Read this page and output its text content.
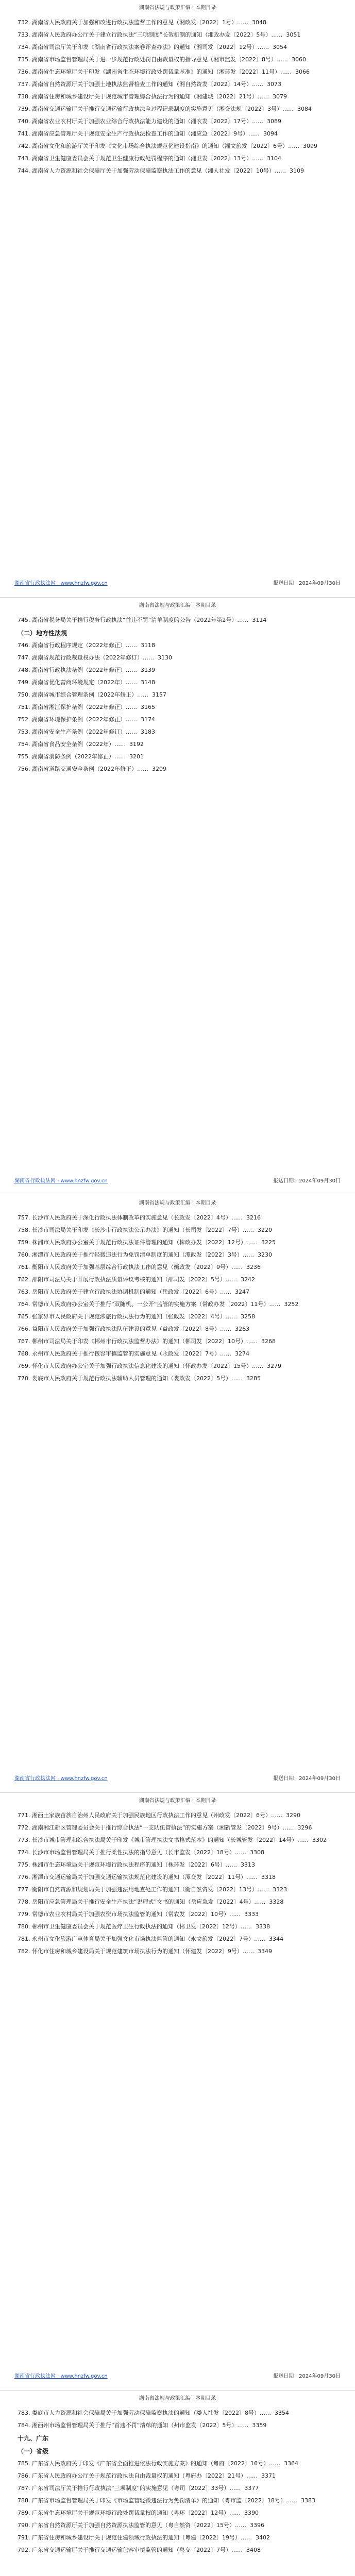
湖南省法规与政策汇编 · 本期目录
732. 湖南省人民政府关于加强和改进行政执法监督工作的意见（湘政发〔2022〕1号）……  3048
733. 湖南省人民政府办公厅关于建立行政执法“三项制度”长效机制的通知（湘政办发〔2022〕5号）……  3051
734. 湖南省司法厅关于印发《湖南省行政执法案卷评查办法》的通知（湘司发〔2022〕12号）……  3054
735. 湖南省市场监督管理局关于进一步规范行政处罚自由裁量权的指导意见（湘市监发〔2022〕8号）……  3060
736. 湖南省生态环境厅关于印发《湖南省生态环境行政处罚裁量基准》的通知（湘环发〔2022〕11号）……  3066
737. 湖南省自然资源厅关于加强土地执法监督检查工作的通知（湘自然资发〔2022〕14号）……  3073
738. 湖南省住房和城乡建设厅关于规范城市管理综合执法行为的通知（湘建城〔2022〕21号）……  3079
739. 湖南省交通运输厅关于推行交通运输行政执法全过程记录制度的实施意见（湘交法规〔2022〕3号）……  3084
740. 湖南省农业农村厅关于加强农业综合行政执法能力建设的通知（湘农发〔2022〕17号）……  3089
741. 湖南省应急管理厅关于规范安全生产行政执法检查工作的通知（湘应急〔2022〕9号）……  3094
742. 湖南省文化和旅游厅关于印发《文化市场综合执法规范化建设指南》的通知（湘文旅发〔2022〕6号）……  3099
743. 湖南省卫生健康委员会关于规范卫生健康行政处罚程序的通知（湘卫发〔2022〕13号）……  3104
744. 湖南省人力资源和社会保障厅关于加强劳动保障监察执法工作的意见（湘人社发〔2022〕10号）……  3109
湖南省行政执法网 · www.hnzfw.gov.cn	报送日期：2024年09月30日
湖南省法规与政策汇编 · 本期目录
745. 湖南省税务局关于推行税务行政执法“首违不罚”清单制度的公告（2022年第2号）……  3114
（二）地方性法规
746. 湖南省行政程序规定（2022年修正）……  3118
747. 湖南省规范行政裁量权办法（2022年修订）……  3130
748. 湖南省行政执法条例（2022年修正）……  3139
749. 湖南省优化营商环境规定（2022年）……  3148
750. 湖南省城市综合管理条例（2022年修正）……  3157
751. 湖南省湘江保护条例（2022年修正）……  3165
752. 湖南省环境保护条例（2022年修正）……  3174
753. 湖南省安全生产条例（2022年修订）……  3183
754. 湖南省食品安全条例（2022年）……  3192
755. 湖南省消防条例（2022年修正）……  3201
756. 湖南省道路交通安全条例（2022年修正）……  3209
湖南省行政执法网 · www.hnzfw.gov.cn	报送日期：2024年09月30日
湖南省法规与政策汇编 · 本期目录
757. 长沙市人民政府关于深化行政执法体制改革的实施意见（长政发〔2022〕4号）……  3216
758. 长沙市司法局关于印发《长沙市行政执法公示办法》的通知（长司发〔2022〕7号）……  3220
759. 株洲市人民政府办公室关于规范行政执法证件管理的通知（株政办发〔2022〕12号）……  3225
760. 湘潭市人民政府关于推行轻微违法行为免罚清单制度的通知（潭政发〔2022〕3号）……  3230
761. 衡阳市人民政府关于加强基层综合行政执法工作的意见（衡政发〔2022〕9号）……  3236
762. 邵阳市司法局关于开展行政执法质量评议考核的通知（邵司发〔2022〕5号）……  3242
763. 岳阳市人民政府关于建立行政执法协调机制的通知（岳政发〔2022〕6号）……  3247
764. 常德市人民政府办公室关于推行“双随机、一公开”监管的实施方案（常政办发〔2022〕11号）……  3252
765. 张家界市人民政府关于规范涉旅行政执法行为的通知（张政发〔2022〕4号）……  3258
766. 益阳市人民政府关于加强行政执法队伍建设的意见（益政发〔2022〕8号）……  3263
767. 郴州市司法局关于印发《郴州市行政执法监督办法》的通知（郴司发〔2022〕10号）……  3268
768. 永州市人民政府关于推行包容审慎监管的实施意见（永政发〔2022〕7号）……  3274
769. 怀化市人民政府办公室关于加强行政执法信息化建设的通知（怀政办发〔2022〕15号）……  3279
770. 娄底市人民政府关于规范行政执法辅助人员管理的通知（娄政发〔2022〕5号）……  3285
湖南省行政执法网 · www.hnzfw.gov.cn	报送日期：2024年09月30日
湖南省法规与政策汇编 · 本期目录
771. 湘西土家族苗族自治州人民政府关于加强民族地区行政执法工作的意见（州政发〔2022〕6号）……  3290
772. 湖南湘江新区管理委员会关于推行综合执法“一支队伍管执法”的实施方案（湘新管发〔2022〕9号）……  3296
773. 长沙市城市管理和综合执法局关于印发《城市管理执法文书格式范本》的通知（长城管发〔2022〕14号）……  3302
774. 长沙市市场监督管理局关于推行柔性执法的指导意见（长市监发〔2022〕18号）……  3308
775. 株洲市生态环境局关于规范环境行政执法程序的通知（株环发〔2022〕6号）……  3313
776. 湘潭市交通运输局关于加强交通运输执法规范化建设的通知（潭交发〔2022〕11号）……  3318
777. 衡阳市自然资源和规划局关于加强违法用地查处工作的通知（衡自然资发〔2022〕13号）……  3323
778. 岳阳市应急管理局关于推行安全生产执法“说理式”文书的通知（岳应急发〔2022〕4号）……  3328
779. 常德市农业农村局关于加强农资市场执法监管的通知（常农发〔2022〕10号）……  3333
780. 郴州市卫生健康委员会关于规范医疗卫生行政执法的通知（郴卫发〔2022〕12号）……  3338
781. 永州市文化旅游广电体育局关于加强文化市场执法监管的通知（永文旅发〔2022〕7号）……  3344
782. 怀化市住房和城乡建设局关于规范建筑市场执法行为的通知（怀建发〔2022〕9号）……  3349
湖南省行政执法网 · www.hnzfw.gov.cn	报送日期：2024年09月30日
湖南省法规与政策汇编 · 本期目录
783. 娄底市人力资源和社会保障局关于加强劳动保障监察执法的通知（娄人社发〔2022〕8号）……  3354
784. 湘西州市场监督管理局关于推行“首违不罚”清单的通知（州市监发〔2022〕5号）……  3359
十九、广东
（一）省级
785. 广东省人民政府关于印发《广东省全面推进依法行政实施方案》的通知（粤府〔2022〕16号）……  3364
786. 广东省人民政府办公厅关于规范行政执法自由裁量权的通知（粤府办〔2022〕21号）……  3371
787. 广东省司法厅关于推行行政执法“三项制度”的实施意见（粤司〔2022〕33号）……  3377
788. 广东省市场监督管理局关于印发《市场监管轻微违法行为免罚清单》的通知（粤市监〔2022〕18号）……  3383
789. 广东省生态环境厅关于规范环境行政处罚裁量权的通知（粤环〔2022〕12号）……  3390
790. 广东省自然资源厅关于加强自然资源执法监管的意见（粤自然资〔2022〕15号）……  3396
791. 广东省住房和城乡建设厅关于规范住建领域行政执法的通知（粤建〔2022〕19号）……  3402
792. 广东省交通运输厅关于推行交通运输包容审慎监管的通知（粤交〔2022〕7号）……  3408
